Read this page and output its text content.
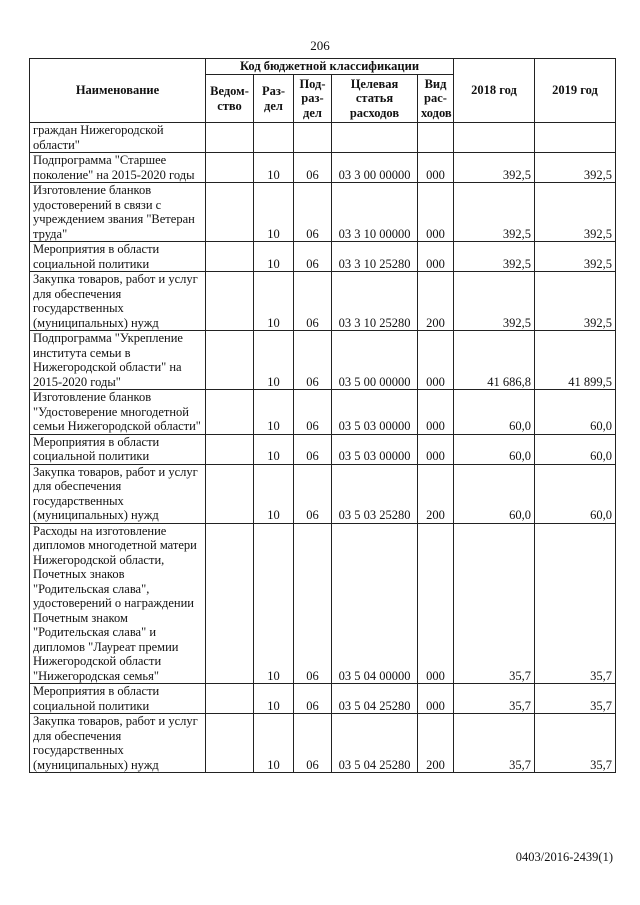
206
Наименование	Код бюджетной классификации					2018 год	2019 год
	Ведом-ство	Раз-дел	Под-раз-дел	Целевая статья расходов	Вид рас-ходов		
граждан Нижегородской области"							
Подпрограмма "Старшее поколение" на 2015-2020 годы		10	06	03 3 00 00000	000	392,5	392,5
Изготовление бланков удостоверений в связи с учреждением звания "Ветеран труда"		10	06	03 3 10 00000	000	392,5	392,5
Мероприятия в области социальной политики		10	06	03 3 10 25280	000	392,5	392,5
Закупка товаров, работ и услуг для обеспечения государственных (муниципальных) нужд		10	06	03 3 10 25280	200	392,5	392,5
Подпрограмма "Укрепление института семьи в Нижегородской области" на 2015-2020 годы"		10	06	03 5 00 00000	000	41 686,8	41 899,5
Изготовление бланков "Удостоверение многодетной семьи Нижегородской области"		10	06	03 5 03 00000	000	60,0	60,0
Мероприятия в области социальной политики		10	06	03 5 03 00000	000	60,0	60,0
Закупка товаров, работ и услуг для обеспечения государственных (муниципальных) нужд		10	06	03 5 03 25280	200	60,0	60,0
Расходы на изготовление дипломов многодетной матери Нижегородской области, Почетных знаков "Родительская слава", удостоверений о награждении Почетным знаком "Родительская слава" и дипломов "Лауреат премии Нижегородской области "Нижегородская семья"		10	06	03 5 04 00000	000	35,7	35,7
Мероприятия в области социальной политики		10	06	03 5 04 25280	000	35,7	35,7
Закупка товаров, работ и услуг для обеспечения государственных (муниципальных) нужд		10	06	03 5 04 25280	200	35,7	35,7
0403/2016-2439(1)
